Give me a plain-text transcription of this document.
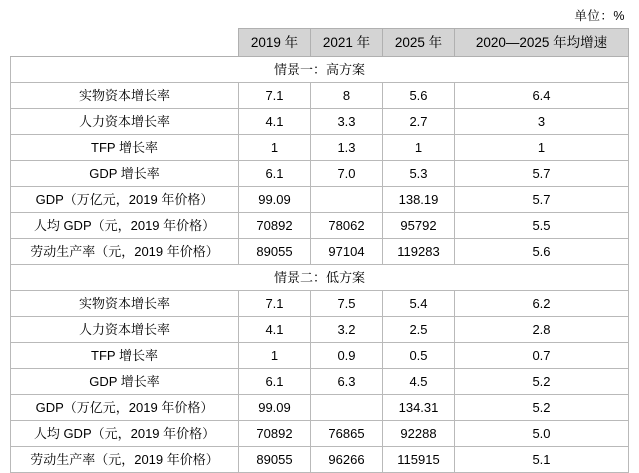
单位：%
	2019 年	2021 年	2025 年	2020—2025 年均增速
情景一：高方案				
实物资本增长率	7.1	8	5.6	6.4
人力资本增长率	4.1	3.3	2.7	3
TFP 增长率	1	1.3	1	1
GDP 增长率	6.1	7.0	5.3	5.7
GDP（万亿元，2019 年价格）	99.09		138.19	5.7
人均 GDP（元，2019 年价格）	70892	78062	95792	5.5
劳动生产率（元，2019 年价格）	89055	97104	119283	5.6
情景二：低方案				
实物资本增长率	7.1	7.5	5.4	6.2
人力资本增长率	4.1	3.2	2.5	2.8
TFP 增长率	1	0.9	0.5	0.7
GDP 增长率	6.1	6.3	4.5	5.2
GDP（万亿元，2019 年价格）	99.09		134.31	5.2
人均 GDP（元，2019 年价格）	70892	76865	92288	5.0
劳动生产率（元，2019 年价格）	89055	96266	115915	5.1
